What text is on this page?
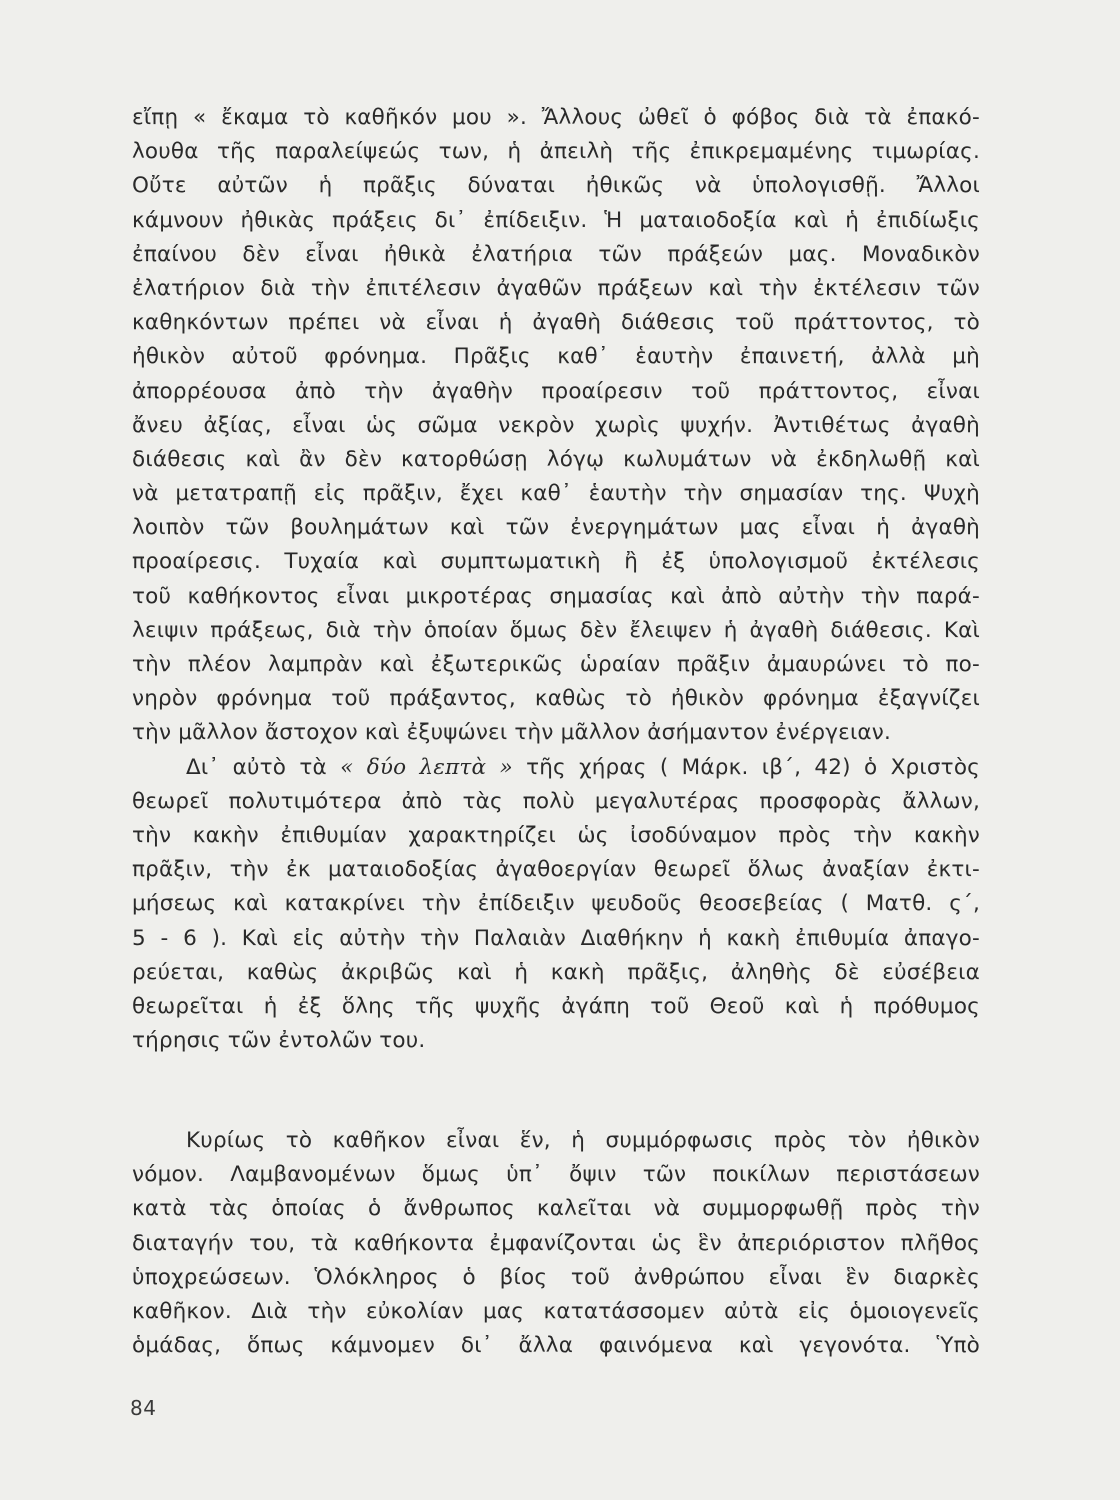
εἴπῃ « ἔκαμα τὸ καθῆκόν μου ». Ἄλλους ὠθεῖ ὁ φόβος διὰ τὰ ἐπακό-
λουθα τῆς παραλείψεώς των, ἡ ἀπειλὴ τῆς ἐπικρεμαμένης τιμωρίας.
Οὔτε αὐτῶν ἡ πρᾶξις δύναται ἠθικῶς νὰ ὑπολογισθῇ. Ἄλλοι
κάμνουν ἠθικὰς πράξεις δι᾽ ἐπίδειξιν. Ἡ ματαιοδοξία καὶ ἡ ἐπιδίωξις
ἐπαίνου δὲν εἶναι ἠθικὰ ἐλατήρια τῶν πράξεών μας. Μοναδικὸν
ἐλατήριον διὰ τὴν ἐπιτέλεσιν ἀγαθῶν πράξεων καὶ τὴν ἐκτέλεσιν τῶν
καθηκόντων πρέπει νὰ εἶναι ἡ ἀγαθὴ διάθεσις τοῦ πράττοντος, τὸ
ἠθικὸν αὐτοῦ φρόνημα. Πρᾶξις καθ᾽ ἑαυτὴν ἐπαινετή, ἀλλὰ μὴ
ἀπορρέουσα ἀπὸ τὴν ἀγαθὴν προαίρεσιν τοῦ πράττοντος, εἶναι
ἄνευ ἀξίας, εἶναι ὡς σῶμα νεκρὸν χωρὶς ψυχήν. Ἀντιθέτως ἀγαθὴ
διάθεσις καὶ ἂν δὲν κατορθώσῃ λόγῳ κωλυμάτων νὰ ἐκδηλωθῇ καὶ
νὰ μετατραπῇ εἰς πρᾶξιν, ἔχει καθ᾽ ἑαυτὴν τὴν σημασίαν της. Ψυχὴ
λοιπὸν τῶν βουλημάτων καὶ τῶν ἐνεργημάτων μας εἶναι ἡ ἀγαθὴ
προαίρεσις. Τυχαία καὶ συμπτωματικὴ ἢ ἐξ ὑπολογισμοῦ ἐκτέλεσις
τοῦ καθήκοντος εἶναι μικροτέρας σημασίας καὶ ἀπὸ αὐτὴν τὴν παρά-
λειψιν πράξεως, διὰ τὴν ὁποίαν ὅμως δὲν ἔλειψεν ἡ ἀγαθὴ διάθεσις. Καὶ
τὴν πλέον λαμπρὰν καὶ ἐξωτερικῶς ὡραίαν πρᾶξιν ἀμαυρώνει τὸ πο-
νηρὸν φρόνημα τοῦ πράξαντος, καθὼς τὸ ἠθικὸν φρόνημα ἐξαγνίζει
τὴν μᾶλλον ἄστοχον καὶ ἐξυψώνει τὴν μᾶλλον ἀσήμαντον ἐνέργειαν.
Δι᾽ αὐτὸ τὰ « δύο λεπτὰ » τῆς χήρας ( Μάρκ. ιβ΄, 42) ὁ Χριστὸς
θεωρεῖ πολυτιμότερα ἀπὸ τὰς πολὺ μεγαλυτέρας προσφορὰς ἄλλων,
τὴν κακὴν ἐπιθυμίαν χαρακτηρίζει ὡς ἰσοδύναμον πρὸς τὴν κακὴν
πρᾶξιν, τὴν ἐκ ματαιοδοξίας ἀγαθοεργίαν θεωρεῖ ὅλως ἀναξίαν ἐκτι-
μήσεως καὶ κατακρίνει τὴν ἐπίδειξιν ψευδοῦς θεοσεβείας ( Ματθ. ς΄,
5 - 6 ). Καὶ εἰς αὐτὴν τὴν Παλαιὰν Διαθήκην ἡ κακὴ ἐπιθυμία ἀπαγο-
ρεύεται, καθὼς ἀκριβῶς καὶ ἡ κακὴ πρᾶξις, ἀληθὴς δὲ εὐσέβεια
θεωρεῖται ἡ ἐξ ὅλης τῆς ψυχῆς ἀγάπη τοῦ Θεοῦ καὶ ἡ πρόθυμος
τήρησις τῶν ἐντολῶν του.
Κυρίως τὸ καθῆκον εἶναι ἕν, ἡ συμμόρφωσις πρὸς τὸν ἠθικὸν
νόμον. Λαμβανομένων ὅμως ὑπ᾽ ὄψιν τῶν ποικίλων περιστάσεων
κατὰ τὰς ὁποίας ὁ ἄνθρωπος καλεῖται νὰ συμμορφωθῇ πρὸς τὴν
διαταγήν του, τὰ καθήκοντα ἐμφανίζονται ὡς ἓν ἀπεριόριστον πλῆθος
ὑποχρεώσεων. Ὁλόκληρος ὁ βίος τοῦ ἀνθρώπου εἶναι ἓν διαρκὲς
καθῆκον. Διὰ τὴν εὐκολίαν μας κατατάσσομεν αὐτὰ εἰς ὁμοιογενεῖς
ὁμάδας, ὅπως κάμνομεν δι᾽ ἄλλα φαινόμενα καὶ γεγονότα. Ὑπὸ
84
